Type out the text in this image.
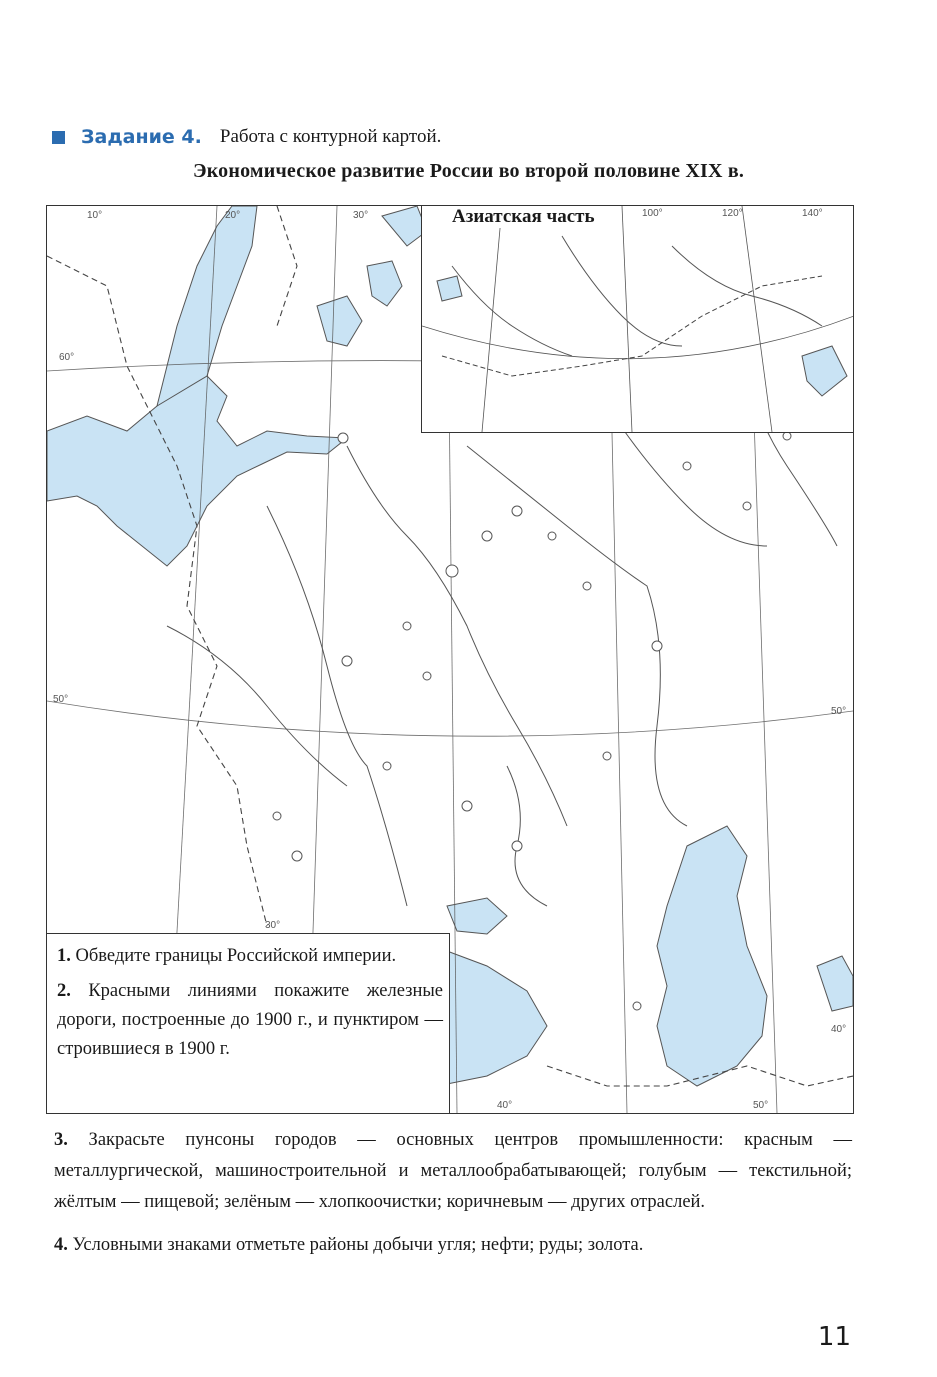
Задание 4. Работа с контурной картой.
Экономическое развитие России во второй половине XIX в.
10°	20°	30°
60°
30°
50°
40°
50°
50°
40°
Азиатская часть	100°	120°	140°

1. Обведите границы Российской империи.

2. Красными линиями покажите железные дороги, построенные до 1900 г., и пунктиром — строившиеся в 1900 г.

3. Закрасьте пунсоны городов — основных центров промышленности: красным — металлургической, машиностроительной и металлообрабатывающей; голубым — текстильной; жёлтым — пищевой; зелёным — хлопкоочистки; коричневым — других отраслей.

4. Условными знаками отметьте районы добычи угля; нефти; руды; золота.

11
